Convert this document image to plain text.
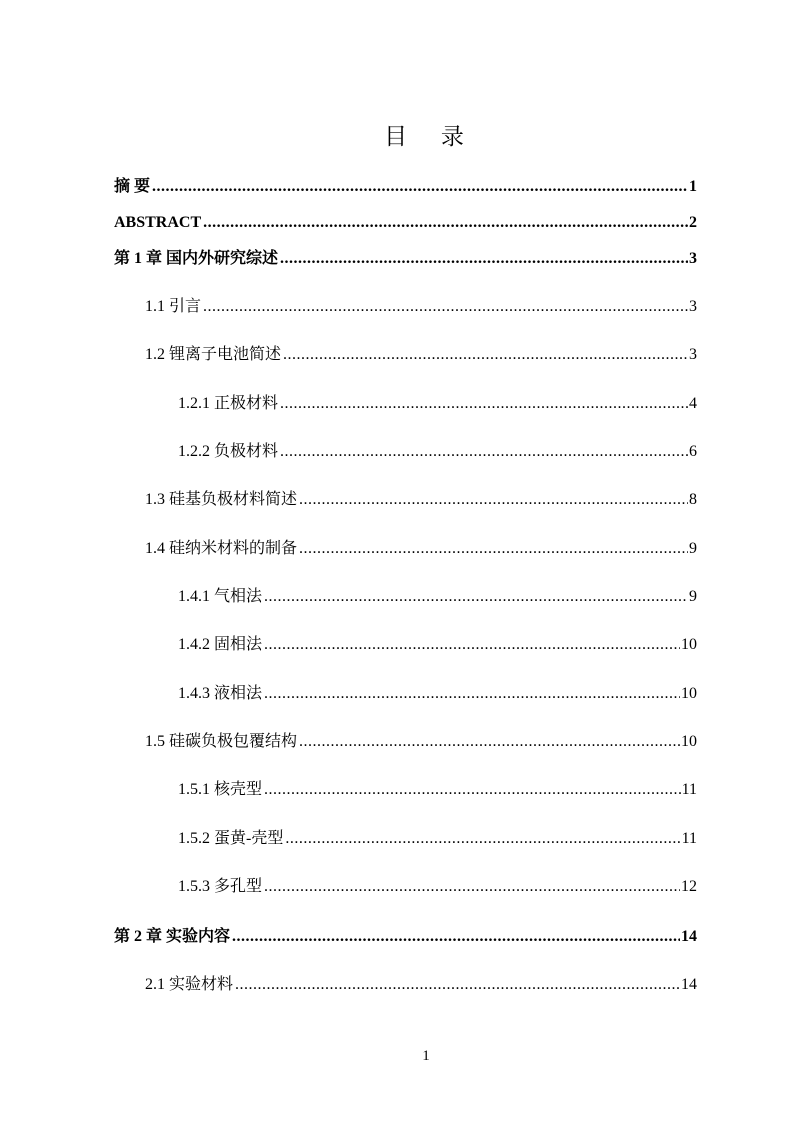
目 录
摘 要 .....	1
ABSTRACT .....	2
第 1 章 国内外研究综述 .....	3
1.1 引言 .....	3
1.2 锂离子电池简述 .....	3
1.2.1 正极材料 .....	4
1.2.2 负极材料 .....	6
1.3 硅基负极材料简述 .....	8
1.4 硅纳米材料的制备 .....	9
1.4.1 气相法 .....	9
1.4.2 固相法 .....	10
1.4.3 液相法 .....	10
1.5 硅碳负极包覆结构 .....	10
1.5.1 核壳型 .....	11
1.5.2 蛋黄-壳型 .....	11
1.5.3 多孔型 .....	12
第 2 章 实验内容 .....	14
2.1 实验材料 .....	14
1
